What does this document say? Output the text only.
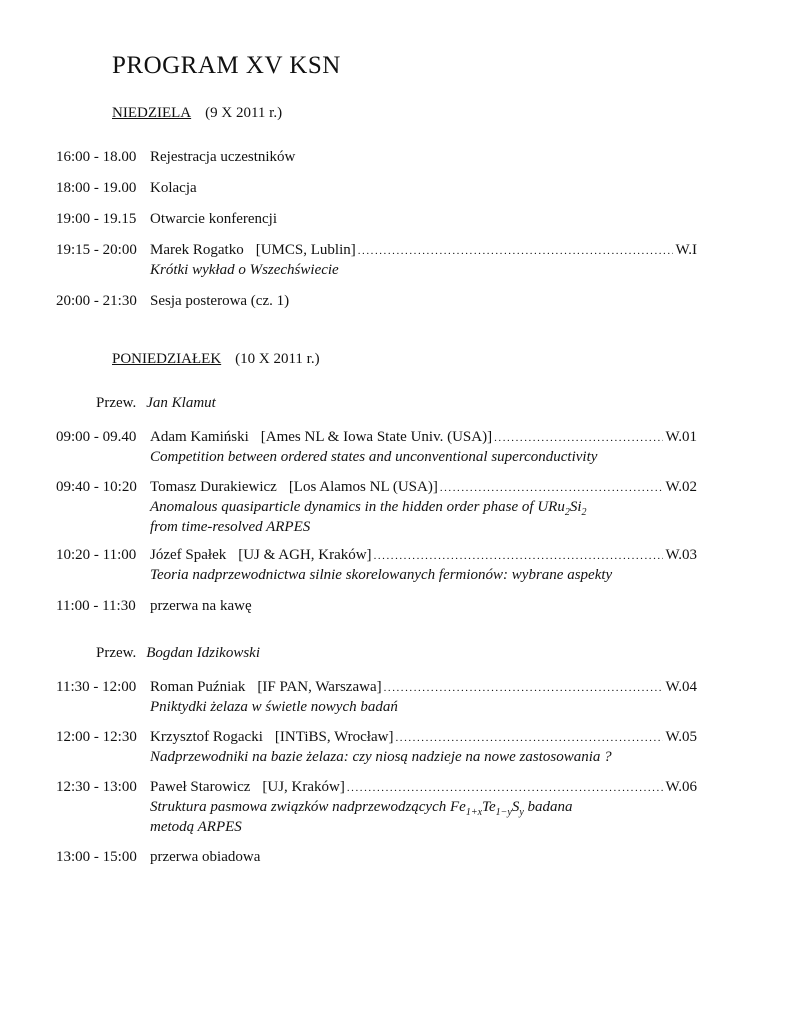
PROGRAM XV KSN
NIEDZIELA (9 X 2011 r.)
16:00 - 18.00 Rejestracja uczestników
18:00 - 19.00 Kolacja
19:00 - 19.15 Otwarcie konferencji
19:15 - 20:00 Marek Rogatko [UMCS, Lublin] . . .	W.I
Krótki wykład o Wszechświecie
20:00 - 21:30 Sesja posterowa (cz. 1)
PONIEDZIAŁEK (10 X 2011 r.)
Przew. Jan Klamut
09:00 - 09.40 Adam Kamiński [Ames NL & Iowa State Univ. (USA)] . . .	W.01
Competition between ordered states and unconventional superconductivity
09:40 - 10:20 Tomasz Durakiewicz [Los Alamos NL (USA)] . . .	W.02
Anomalous quasiparticle dynamics in the hidden order phase of $URu_2Si_2$
from time-resolved ARPES
10:20 - 11:00 Józef Spałek [UJ & AGH, Kraków] . . .	W.03
Teoria nadprzewodnictwa silnie skorelowanych fermionów: wybrane aspekty
11:00 - 11:30 przerwa na kawę
Przew. Bogdan Idzikowski
11:30 - 12:00 Roman Puźniak [IF PAN, Warszawa] . . .	W.04
Pniktydki żelaza w świetle nowych badań
12:00 - 12:30 Krzysztof Rogacki [INTiBS, Wrocław] . . .	W.05
Nadprzewodniki na bazie żelaza: czy niosą nadzieje na nowe zastosowania ?
12:30 - 13:00 Paweł Starowicz [UJ, Kraków] . . .	W.06
Struktura pasmowa związków nadprzewodzących $Fe_{1+x}Te_{1-y}S_y$ badana
metodą ARPES
13:00 - 15:00 przerwa obiadowa
